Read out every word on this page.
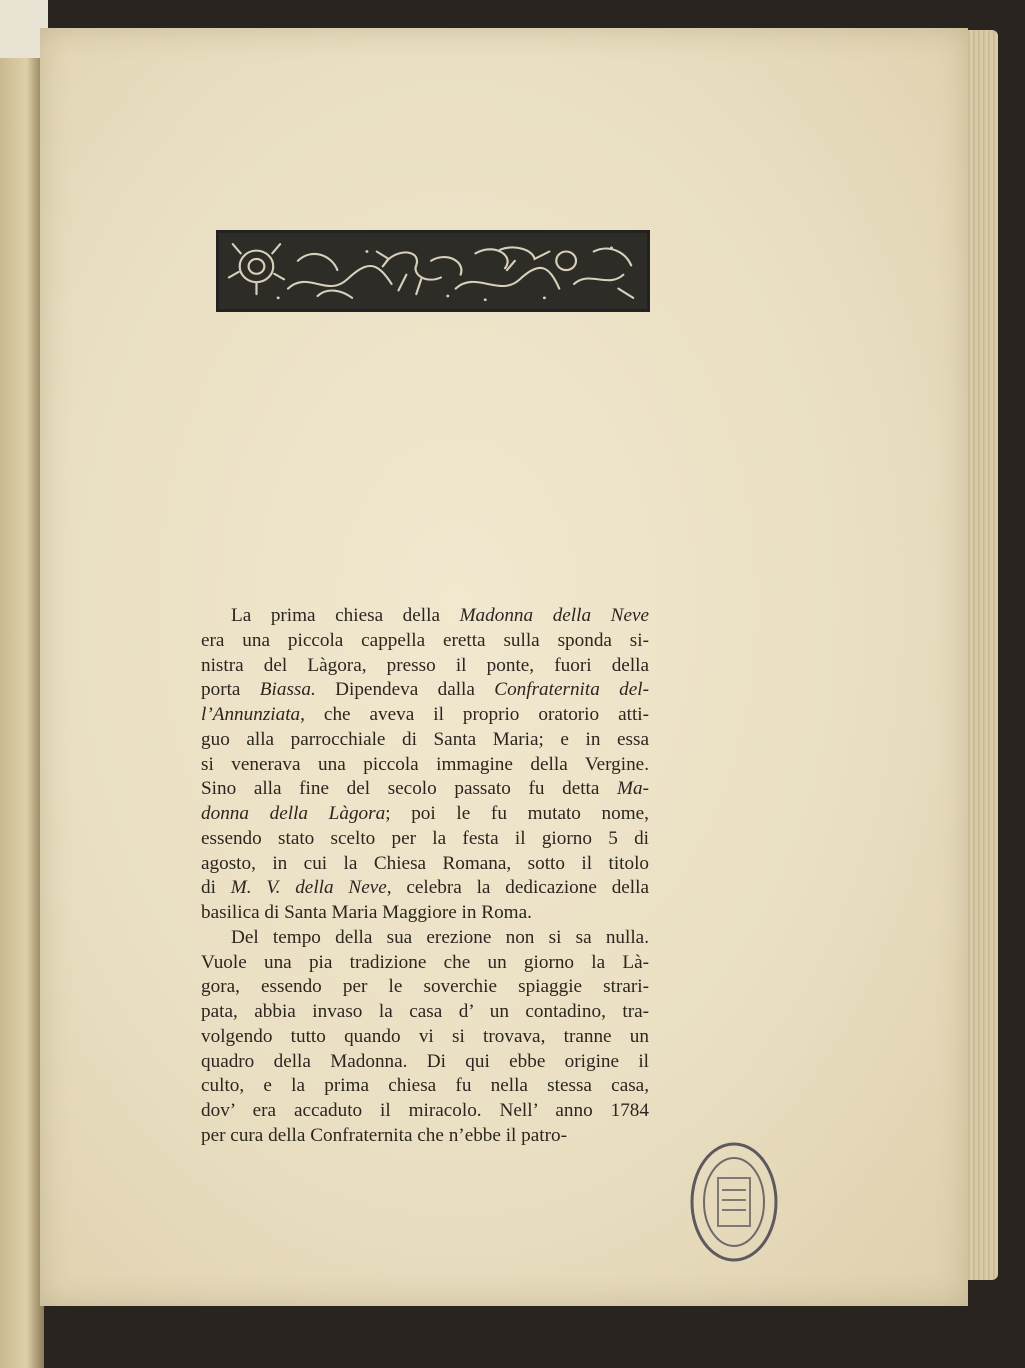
La prima chiesa della Madonna della Neve
era una piccola cappella eretta sulla sponda si-
nistra del Làgora, presso il ponte, fuori della
porta Biassa. Dipendeva dalla Confraternita del-
l’Annunziata, che aveva il proprio oratorio atti-
guo alla parrocchiale di Santa Maria; e in essa
si venerava una piccola immagine della Vergine.
Sino alla fine del secolo passato fu detta Ma-
donna della Làgora; poi le fu mutato nome,
essendo stato scelto per la festa il giorno 5 di
agosto, in cui la Chiesa Romana, sotto il titolo
di M. V. della Neve, celebra la dedicazione della
basilica di Santa Maria Maggiore in Roma.
Del tempo della sua erezione non si sa nulla.
Vuole una pia tradizione che un giorno la Là-
gora, essendo per le soverchie spiaggie strari-
pata, abbia invaso la casa d’ un contadino, tra-
volgendo tutto quando vi si trovava, tranne un
quadro della Madonna. Di qui ebbe origine il
culto, e la prima chiesa fu nella stessa casa,
dov’ era accaduto il miracolo. Nell’ anno 1784
per cura della Confraternita che n’ebbe il patro-
